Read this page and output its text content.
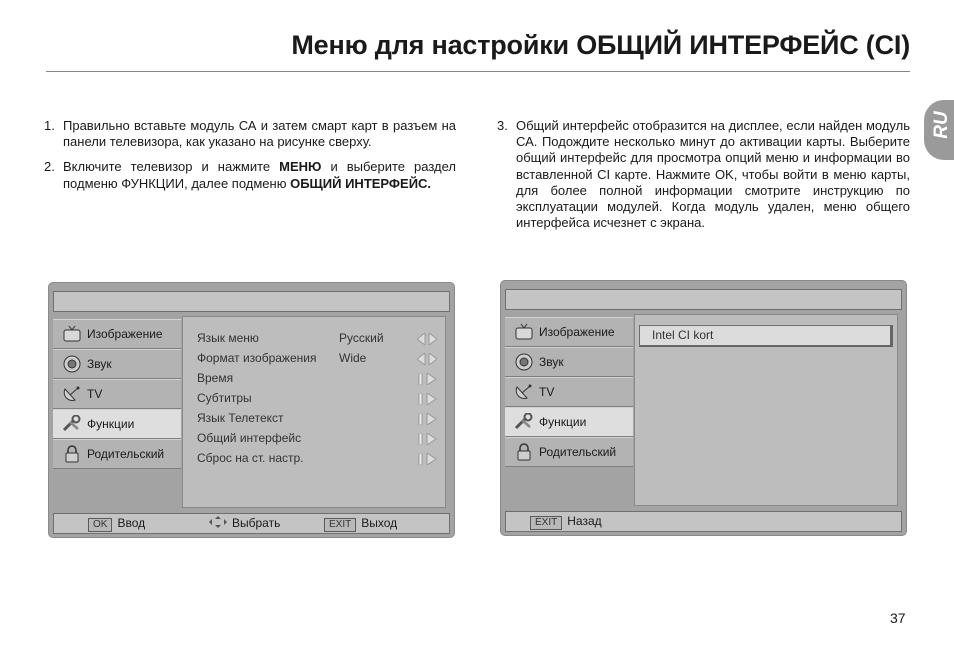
Меню для настройки ОБЩИЙ ИНТЕРФЕЙС (CI)
RU
1. Правильно вставьте модуль СА и затем смарт карт в разъем на панели телевизора, как указано на рисунке сверху.
2. Включите телевизор и нажмите МЕНЮ и выберите раздел подменю ФУНКЦИИ, далее подменю ОБЩИЙ ИНТЕРФЕЙС.
3. Общий интерфейс отобразится на дисплее, если найден модуль СА. Подождите несколько минут до активации карты. Выберите общий интерфейс для просмотра опций меню и информации во вставленной CI карте. Нажмите OK, чтобы войти в меню карты, для более полной информации смотрите инструкцию по эксплуатации модулей. Когда модуль удален, меню общего интерфейса исчезнет с экрана.
Изображение
Звук
TV
Функции
Родительский
Язык меню	Русский
Формат изображения Wide
Время
Субтитры
Язык Телетекст
Общий интерфейс
Сброс на ст. настр.
OK Ввод	Выбрать	EXIT Выход
Изображение
Звук
TV
Функции
Родительский
Intel CI kort
EXIT Назад
37
